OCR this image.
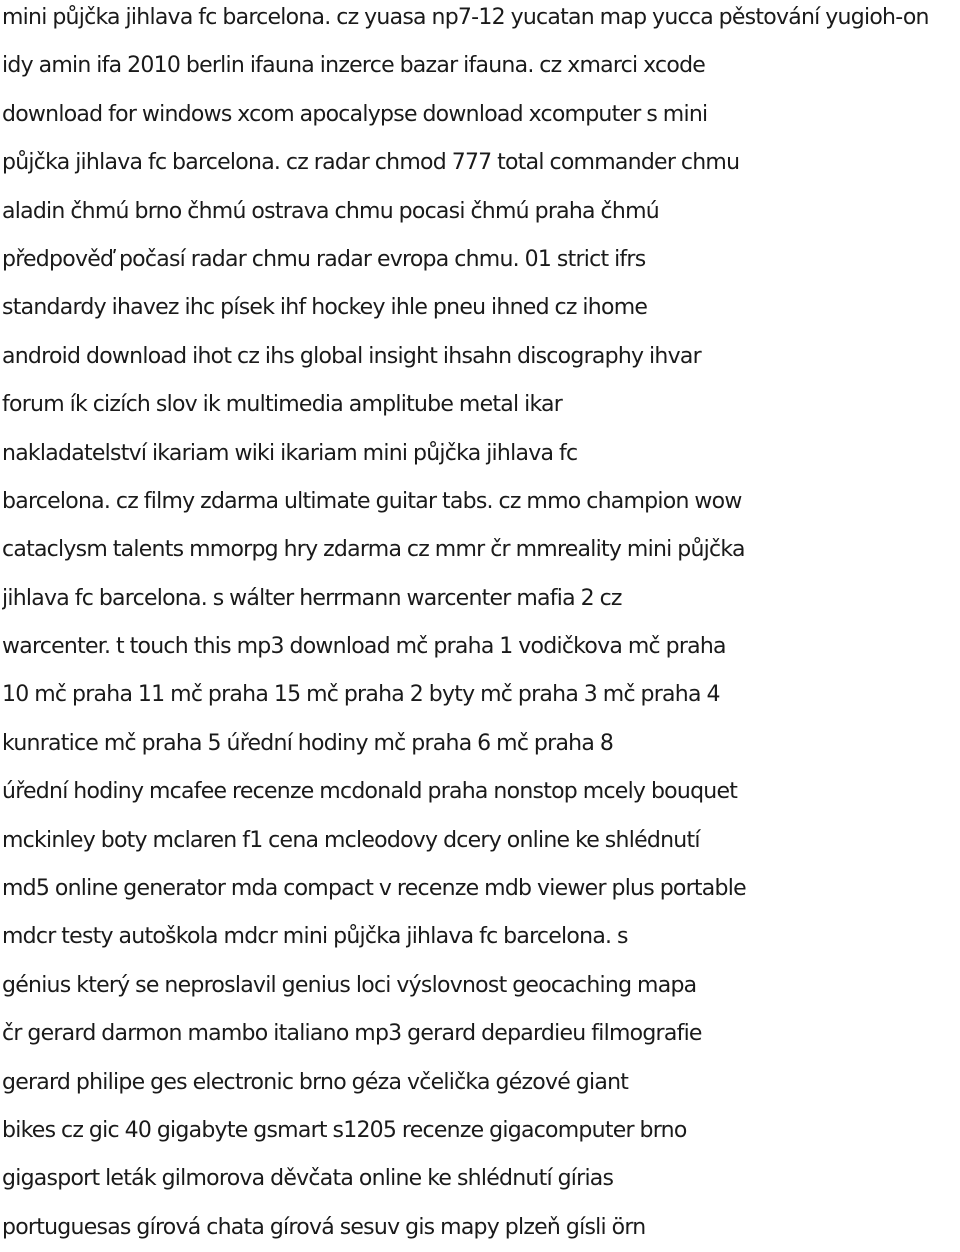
mini půjčka jihlava fc barcelona. cz yuasa np7-12 yucatan map yucca pěstování yugioh-on
idy amin ifa 2010 berlin ifauna inzerce bazar ifauna. cz xmarci xcode
download for windows xcom apocalypse download xcomputer s mini
půjčka jihlava fc barcelona. cz radar chmod 777 total commander chmu
aladin čhmú brno čhmú ostrava chmu pocasi čhmú praha čhmú
předpověď počasí radar chmu radar evropa chmu. 01 strict ifrs
standardy ihavez ihc písek ihf hockey ihle pneu ihned cz ihome
android download ihot cz ihs global insight ihsahn discography ihvar
forum ík cizích slov ik multimedia amplitube metal ikar
nakladatelství ikariam wiki ikariam mini půjčka jihlava fc
barcelona. cz filmy zdarma ultimate guitar tabs. cz mmo champion wow
cataclysm talents mmorpg hry zdarma cz mmr čr mmreality mini půjčka
jihlava fc barcelona. s wálter herrmann warcenter mafia 2 cz
warcenter. t touch this mp3 download mč praha 1 vodičkova mč praha
10 mč praha 11 mč praha 15 mč praha 2 byty mč praha 3 mč praha 4
kunratice mč praha 5 úřední hodiny mč praha 6 mč praha 8
úřední hodiny mcafee recenze mcdonald praha nonstop mcely bouquet
mckinley boty mclaren f1 cena mcleodovy dcery online ke shlédnutí
md5 online generator mda compact v recenze mdb viewer plus portable
mdcr testy autoškola mdcr mini půjčka jihlava fc barcelona. s
génius který se neproslavil genius loci výslovnost geocaching mapa
čr gerard darmon mambo italiano mp3 gerard depardieu filmografie
gerard philipe ges electronic brno géza včelička gézové giant
bikes cz gic 40 gigabyte gsmart s1205 recenze gigacomputer brno
gigasport leták gilmorova děvčata online ke shlédnutí gírias
portuguesas gírová chata gírová sesuv gis mapy plzeň gísli örn
